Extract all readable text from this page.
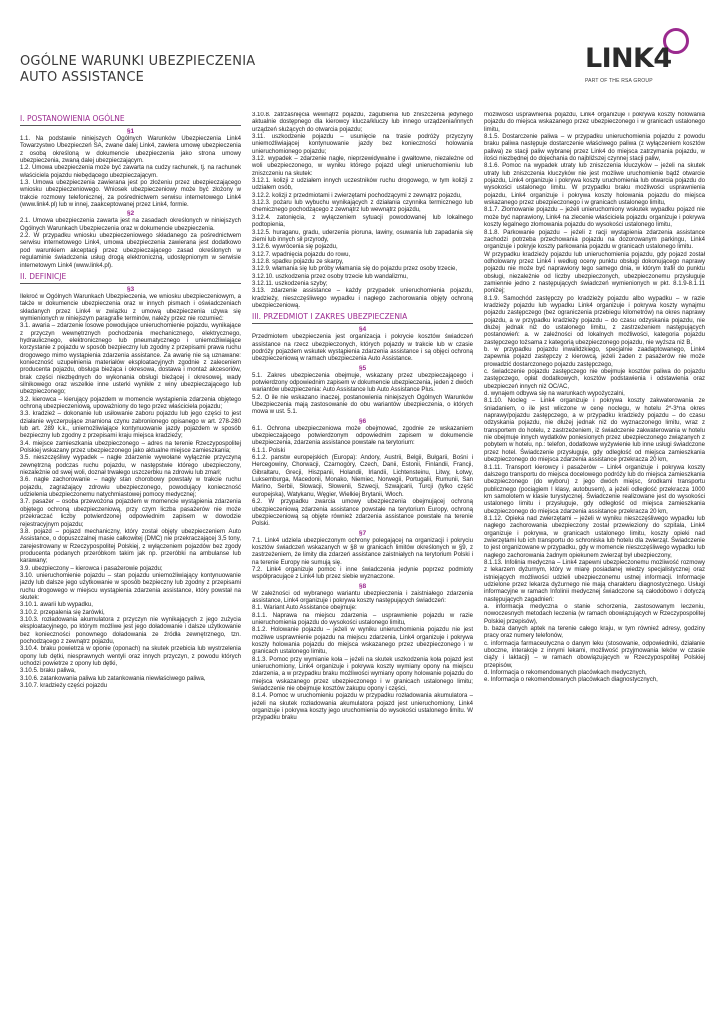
OGÓLNE WARUNKI UBEZPIECZENIA
AUTO ASSISTANCE

LINK4

PART OF THE RSA GROUP

I. POSTANOWIENIA OGÓLNE

§1

1.1. Na podstawie niniejszych Ogólnych Warunków Ubezpieczenia Link4 Towarzystwo Ubezpieczeń SA, zwane dalej Link4, zawiera umowę ubezpieczenia z osobą określoną w dokumencie ubezpieczenia jako strona umowy ubezpieczenia, zwaną dalej ubezpieczającym.

1.2. Umowa ubezpieczenia może być zawarta na cudzy rachunek, tj. na rachunek właściciela pojazdu niebędącego ubezpieczającym.

1.3. Umowa ubezpieczenia zawierana jest po złożeniu przez ubezpieczającego wniosku ubezpieczeniowego. Wniosek ubezpieczeniowy może być złożony w trakcie rozmowy telefonicznej, za pośrednictwem serwisu internetowego Link4 (www.link4.pl) lub w innej, zaakceptowanej przez Link4, formie.

§2

2.1. Umowa ubezpieczenia zawarta jest na zasadach określonych w niniejszych Ogólnych Warunkach Ubezpieczenia oraz w dokumencie ubezpieczenia.

2.2. W przypadku wniosku ubezpieczeniowego składanego za pośrednictwem serwisu internetowego Link4, umowa ubezpieczenia zawierana jest dodatkowo pod warunkiem akceptacji przez ubezpieczającego zasad określonych w regulaminie świadczenia usług drogą elektroniczną, udostępnionym w serwisie internetowym Link4 (www.link4.pl).

II. DEFINICJE

§3

Ilekroć w Ogólnych Warunkach Ubezpieczenia, we wniosku ubezpieczeniowym, a także w dokumencie ubezpieczenia oraz w innych pismach i oświadczeniach składanych przez Link4 w związku z umową ubezpieczenia używa się wymienionych w niniejszym paragrafie terminów, należy przez nie rozumieć:

3.1. awaria – zdarzenie losowe powodujące unieruchomienie pojazdu, wynikające z przyczyn wewnętrznych pochodzenia mechanicznego, elektrycznego, hydraulicznego, elektronicznego lub pneumatycznego i uniemożliwiające korzystanie z pojazdu w sposób bezpieczny lub zgodny z przepisami prawa ruchu drogowego mimo wystąpienia zdarzenia assistance. Za awarię nie są uznawane: konieczność uzupełnienia materiałów eksploatacyjnych zgodnie z zaleceniem producenta pojazdu, obsługa bieżąca i okresowa, dostawa i montaż akcesoriów, brak części niezbędnych do wykonania obsługi bieżącej i okresowej, wady silnikowego oraz wszelkie inne usterki wynikłe z winy ubezpieczającego lub ubezpieczonego;

3.2. kierowca – kierujący pojazdem w momencie wystąpienia zdarzenia objętego ochroną ubezpieczeniową, upoważniony do tego przez właściciela pojazdu;

3.3. kradzież – dokonanie lub usiłowanie zaboru pojazdu lub jego części to jest działanie wyczerpujące znamiona czynu zabronionego opisanego w art. 278-280 lub art. 289 k.k., uniemożliwiające kontynuowanie jazdy pojazdem w sposób bezpieczny lub zgodny z przepisami kraju miejsca kradzieży;

3.4. miejsce zamieszkania ubezpieczonego – adres na terenie Rzeczypospolitej Polskiej wskazany przez ubezpieczonego jako aktualne miejsce zamieszkania;

3.5. nieszczęśliwy wypadek – nagłe zdarzenie wywołane wyłącznie przyczyną zewnętrzną podczas ruchu pojazdu, w następstwie którego ubezpieczony, niezależnie od swej woli, doznał trwałego uszczerbku na zdrowiu lub zmarł;

3.6. nagłe zachorowanie – nagły stan chorobowy powstały w trakcie ruchu pojazdu, zagrażający zdrowiu ubezpieczonego, powodujący konieczność udzielenia ubezpieczonemu natychmiastowej pomocy medycznej;

3.7. pasażer – osoba przewożona pojazdem w momencie wystąpienia zdarzenia objętego ochroną ubezpieczeniową, przy czym liczba pasażerów nie może przekraczać liczby potwierdzonej odpowiednim zapisem w dowodzie rejestracyjnym pojazdu;

3.8. pojazd – pojazd mechaniczny, który został objęty ubezpieczeniem Auto Assistance, o dopuszczalnej masie całkowitej (DMC) nie przekraczającej 3,5 tony, zarejestrowany w Rzeczypospolitej Polskiej, z wyłączeniem pojazdów bez zgody producenta podanych przeróbkom takim jak np. przeróbki na ambulanse lub karawany;

3.9. ubezpieczony – kierowca i pasażerowie pojazdu;

3.10. unieruchomienie pojazdu – stan pojazdu uniemożliwiający kontynuowanie jazdy lub dalsze jego użytkowanie w sposób bezpieczny lub zgodny z przepisami ruchu drogowego w miejscu wystąpienia zdarzenia assistance, który powstał na skutek:

3.10.1. awarii lub wypadku,

3.10.2. przepalenia się żarówki,

3.10.3. rozładowania akumulatora z przyczyn nie wynikających z jego zużycia eksploatacyjnego, po którym możliwe jest jego doładowanie i dalsze użytkowanie bez konieczności ponownego doładowania ze źródła zewnętrznego, tzn. pochodzącego z zewnątrz pojazdu,

3.10.4. braku powietrza w oponie (oponach) na skutek przebicia lub wystrzelenia opony lub dętki, niesprawnych wentyli oraz innych przyczyn, z powodu których uchodzi powietrze z opony lub dętki,

3.10.5. braku paliwa,

3.10.6. zatankowania paliwa lub zatankowania niewłaściwego paliwa,

3.10.7. kradzieży części pojazdu

3.10.8. zatrzaśnięcia wewnątrz pojazdu, zagubienia lub zniszczenia jedynego aktualnie dostępnego dla kierowcy klucza/kluczy lub innego urządzenia/innych urządzeń służących do otwarcia pojazdu;

3.11. uszkodzenie pojazdu – usunięcie na trasie podróży przyczyny uniemożliwiającej kontynuowanie jazdy bez konieczności holowania unieruchomionego pojazdu;

3.12. wypadek – zdarzenie nagłe, nieprzewidywalne i gwałtowne, niezależne od woli ubezpieczonego, w wyniku którego pojazd uległ unieruchomieniu lub zniszczeniu na skutek:

3.12.1. kolizji z udziałem innych uczestników ruchu drogowego, w tym kolizji z udziałem osób,

3.12.2. kolizji z przedmiotami i zwierzętami pochodzącymi z zewnątrz pojazdu,

3.12.3. pożaru lub wybuchu wynikających z działania czynnika termicznego lub chemicznego pochodzącego z zewnątrz lub wewnątrz pojazdu,

3.12.4. zatonięcia, z wyłączeniem sytuacji powodowanej lub lokalnego podtopienia,

3.12.5. huraganu, gradu, uderzenia pioruna, lawiny, osuwania lub zapadania się ziemi lub innych sił przyrody,

3.12.6. wywrócenia się pojazdu,

3.12.7. wpadnięcia pojazdu do rowu,

3.12.8. spadku pojazdu ze skarpy,

3.12.9. włamania się lub próby włamania się do pojazdu przez osoby trzecie,

3.12.10. uszkodzenia przez osoby trzecie lub wandalizmu,

3.12.11. uszkodzenia szyby;

3.13. zdarzenie assistance – każdy przypadek unieruchomienia pojazdu, kradzieży, nieszczęśliwego wypadku i nagłego zachorowania objęty ochroną ubezpieczeniową.

III. PRZEDMIOT I ZAKRES UBEZPIECZENIA

§4

Przedmiotem ubezpieczenia jest organizacja i pokrycie kosztów świadczeń assistance na rzecz ubezpieczonych, których pojazdy w trakcie lub w czasie podróży pojazdem wskutek wystąpienia zdarzenia assistance i są objęci ochroną ubezpieczeniową w ramach ubezpieczenia Auto Assistance.

§5

5.1. Zakres ubezpieczenia obejmuje, wskazany przez ubezpieczającego i potwierdzony odpowiednim zapisem w dokumencie ubezpieczenia, jeden z dwóch wariantów ubezpieczenia: Auto Assistance lub Auto Assistance Plus.

5.2. O ile nie wskazano inaczej, postanowienia niniejszych Ogólnych Warunków Ubezpieczenia mają zastosowanie do obu wariantów ubezpieczenia, o których mowa w ust. 5.1.

§6

6.1. Ochrona ubezpieczeniowa może obejmować, zgodnie ze wskazaniem ubezpieczającego potwierdzonym odpowiednim zapisem w dokumencie ubezpieczenia, zdarzenia assistance powstałe na terytorium:

6.1.1. Polski

6.1.2. panstw europejskich (Europa): Andory, Austrii, Belgii, Bułgarii, Bośni i Hercegowiny, Chorwacji, Czarnogóry, Czech, Danii, Estonii, Finlandii, Francji, Gibraltaru, Grecji, Hiszpanii, Holandii, Irlandii, Lichtensteinu, Litwy, Łotwy, Luksemburga, Macedonii, Monako, Niemiec, Norwegii, Portugalii, Rumunii, San Marino, Serbii, Słowacji, Słowenii, Szwecji, Szwajcarii, Turcji (tylko część europejska), Watykanu, Węgier, Wielkiej Brytanii, Włoch.

6.2. W przypadku zwarcia umowy ubezpieczenia obejmującej ochroną ubezpieczeniową zdarzenia assistance powstałe na terytorium Europy, ochroną ubezpieczeniową są objęte również zdarzenia assistance powstałe na terenie Polski.

§7

7.1. Link4 udziela ubezpieczonym ochrony polegającej na organizacji i pokryciu kosztów świadczeń wskazanych w §8 w granicach limitów określonych w §9, z zastrzeżeniem, że limity dla zdarzeń assistance zaistniałych na terytorium Polski i na terenie Europy nie sumują się.

7.2. Link4 organizuje pomoc i inne świadczenia jedynie poprzez podmioty współpracujące z Link4 lub przez siebie wyznaczone.

§8

W zależności od wybranego wariantu ubezpieczenia i zaistniałego zdarzenia assistance, Link4 organizuje i pokrywa koszty następujących świadczeń:

8.1. Wariant Auto Assistance obejmuje:

8.1.1. Naprawa na miejscu zdarzenia – usprawnienie pojazdu w razie unieruchomienia pojazdu do wysokości ustalonego limitu,

8.1.2. Holowanie pojazdu – jeżeli w wyniku unieruchomienia pojazdu nie jest możliwe usprawnienie pojazdu na miejscu zdarzenia, Link4 organizuje i pokrywa koszty holowania pojazdu do miejsca wskazanego przez ubezpieczonego i w granicach ustalonego limitu,

8.1.3. Pomoc przy wymianie koła – jeżeli na skutek uszkodzenia koła pojazd jest unieruchomiony, Link4 organizuje i pokrywa koszty wymiany opony na miejscu zdarzenia, a w przypadku braku możliwości wymiany opony holowanie pojazdu do miejsca wskazanego przez ubezpieczonego i w granicach ustalonego limitu; świadczenie nie obejmuje kosztów zakupu opony i części,

8.1.4. Pomoc w uruchomieniu pojazdu w przypadku rozładowania akumulatora – jeżeli na skutek rozładowania akumulatora pojazd jest unieruchomiony, Link4 organizuje i pokrywa koszty jego uruchomienia do wysokości ustalonego limitu. W przypadku braku

możliwości usprawnienia pojazdu, Link4 organizuje i pokrywa koszty holowania pojazdu do miejsca wskazanego przez ubezpieczonego i w granicach ustalonego limitu,

8.1.5. Dostarczenie paliwa – w przypadku unieruchomienia pojazdu z powodu braku paliwa następuje dostarczenie właściwego paliwa (z wyłączeniem kosztów paliwa) ze stacji paliw wybranej przez Link4 do miejsca zatrzymania pojazdu, w ilości niezbędnej do dojechania do najbliższej czynnej stacji paliw,

8.1.6. Pomoc na wypadek utraty lub zniszczenia kluczyków – jeżeli na skutek utraty lub zniszczenia kluczyków nie jest możliwe uruchomienie bądź otwarcie pojazdu, Link4 organizuje i pokrywa koszty uruchomienia lub otwarcia pojazdu do wysokości ustalonego limitu. W przypadku braku możliwości usprawnienia pojazdu, Link4 organizuje i pokrywa koszty holowania pojazdu do miejsca wskazanego przez ubezpieczonego i w granicach ustalonego limitu,

8.1.7. Złomowanie pojazdu – jeżeli unieruchomiony wskutek wypadku pojazd nie może być naprawiony, Link4 na zlecenie właściciela pojazdu organizuje i pokrywa koszty legalnego złomowania pojazdu do wysokości ustalonego limitu,

8.1.8. Parkowanie pojazdu – jeżeli z racji wystąpienia zdarzenia assistance zachodzi potrzeba przechowania pojazdu na dozorowanym parkingu, Link4 organizuje i pokryje koszty parkowania pojazdu w granicach ustalonego limitu.

W przypadku kradzieży pojazdu lub unieruchomienia pojazdu, gdy pojazd został odholowany przez Link4 i według oceny punktu obsługi dokonującego naprawy pojazdu nie może być naprawiony tego samego dnia, w którym trafił do punktu obsługi, niezależnie od liczby ubezpieczonych, ubezpieczonemu przysługuje zamiennie jedno z następujących świadczeń wymienionych w pkt. 8.1.9-8.1.11 poniżej;

8.1.9. Samochód zastępczy po kradzieży pojazdu albo wypadku – w razie kradzieży pojazdu lub wypadku Link4 organizuje i pokrywa koszty wynajmu pojazdu zastępczego (bez ograniczenia przebiegu kilometrów) na okres naprawy pojazdu, a w przypadku kradzieży pojazdu – do czasu odzyskania pojazdu, nie dłużej jednak niż do ustalonego limitu, z zastrzeżeniem następujących postanowień: a. w zależności od lokalnych możliwości, kategoria pojazdu zastępczego tożsama z kategorią ubezpieczonego pojazdu, nie wyższa niż B,

b. w przypadku pojazdu inwalidzkiego, specjalnie zaadaptowanego, Link4 zapewnia pojazd zastępczy z kierowcą, jeżeli żaden z pasażerów nie może prowadzić dostarczonego pojazdu zastępczego,

c. świadczenie pojazdu zastępczego nie obejmuje kosztów paliwa do pojazdu zastępczego, opłat dodatkowych, kosztów podstawienia i odstawienia oraz ubezpieczeń innych niż OC/AC,

d. wynajem odbywa się na warunkach wypożyczalni,

8.1.10. Nocleg – Link4 organizuje i pokrywa koszty zakwaterowania ze śniadaniem, o ile jest wliczone w cenę noclegu, w hotelu 2*-3*na okres naprawy/pojazdu zastępczego, a w przypadku kradzieży pojazdu – do czasu odzyskania pojazdu, nie dłużej jednak niż do wyznaczonego limitu, wraz z transportem do hotelu, z zastrzeżeniem, iż świadczenie zakwaterowania w hotelu nie obejmuje innych wydatków poniesionych przez ubezpieczonego związanych z pobytem w hotelu, np.: telefon, dodatkowe wyżywienie lub inne usługi świadczone przez hotel. Świadczenie przysługuje, gdy odległość od miejsca zamieszkania ubezpieczonego do miejsca zdarzenia assistance przekracza 20 km,

8.1.11. Transport kierowcy i pasażerów – Link4 organizuje i pokrywa koszty dalszego transportu do miejsca docelowego podróży lub do miejsca zamieszkania ubezpieczonego (do wyboru) z jego dwóch miejsc, środkami transportu publicznego (pociągiem I klasy, autobusem), a jeżeli odległość przekracza 1000 km samolotem w klasie turystycznej. Świadczenie realizowane jest do wysokości ustalonego limitu i przysługuje, gdy odległość od miejsca zamieszkania ubezpieczonego do miejsca zdarzenia assistance przekracza 20 km,

8.1.12. Opieka nad zwierzętami – jeżeli w wyniku nieszczęśliwego wypadku lub nagłego zachorowania ubezpieczony został przewieziony do szpitala, Link4 organizuje i pokrywa, w granicach ustalonego limitu, koszty opieki nad zwierzętami lub ich transportu do schroniska lub hotelu dla zwierząt. Świadczenie to jest organizowane w przypadku, gdy w momencie nieszczęśliwego wypadku lub nagłego zachorowania żadnym opiekunem zwierząt był ubezpieczony,

8.1.13. Infolinia medyczna – Link4 zapewni ubezpieczonemu możliwość rozmowy z lekarzem dyżurnym, który w miarę posiadanej wiedzy specjalistycznej oraz istniejących możliwości udzieli ubezpieczonemu ustnej informacji. Informacje udzielone przez lekarza dyżurnego nie mają charakteru diagnostycznego. Usługi informacyjne w ramach Infolinii medycznej świadczone są całodobowo i dotyczą następujących zagadnień:

a. informacja medyczna o stanie schorzenia, zastosowanym leczeniu, nowoczesnych metodach leczenia (w ramach obowiązujących w Rzeczypospolitej Polskiej przepisów),

b. baza danych aptek na terenie całego kraju, w tym również adresy, godziny pracy oraz numery telefonów,

c. informacja farmaceutyczna o danym leku (stosowanie, odpowiedniki, działanie uboczne, interakcje z innymi lekami, możliwość przyjmowania leków w czasie ciąży i laktacji) – w ramach obowiązujących w Rzeczypospolitej Polskiej przepisów,

d. Informacja o rekomendowanych placówkach medycznych,

e. Informacja o rekomendowanych placówkach diagnostycznych,
